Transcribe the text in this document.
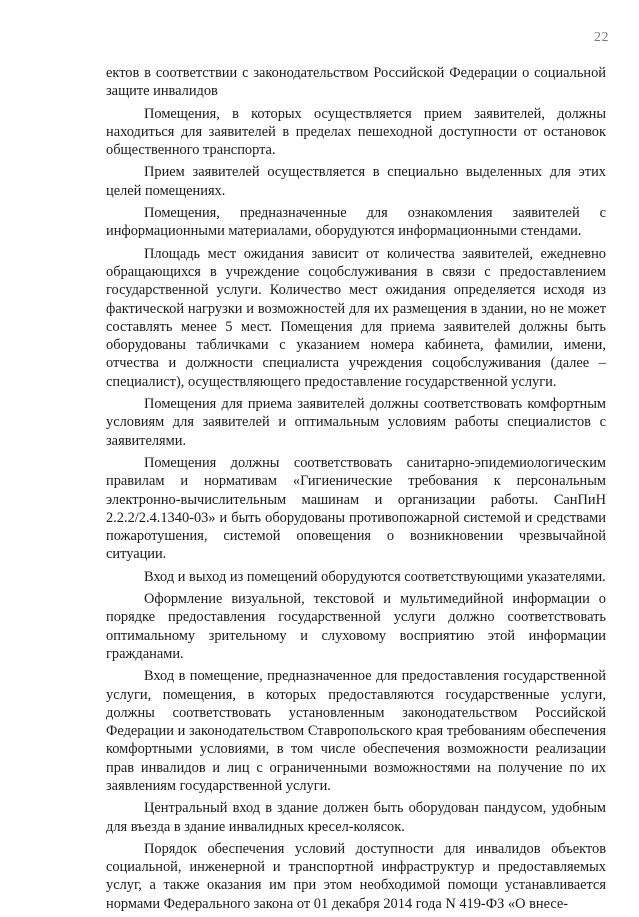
22

ектов в соответствии с законодательством Российской Федерации о социальной защите инвалидов

Помещения, в которых осуществляется прием заявителей, должны находиться для заявителей в пределах пешеходной доступности от остановок общественного транспорта.

Прием заявителей осуществляется в специально выделенных для этих целей помещениях.

Помещения, предназначенные для ознакомления заявителей с информационными материалами, оборудуются информационными стендами.

Площадь мест ожидания зависит от количества заявителей, ежедневно обращающихся в учреждение соцобслуживания в связи с предоставлением государственной услуги. Количество мест ожидания определяется исходя из фактической нагрузки и возможностей для их размещения в здании, но не может составлять менее 5 мест. Помещения для приема заявителей должны быть оборудованы табличками с указанием номера кабинета, фамилии, имени, отчества и должности специалиста учреждения соцобслуживания (далее – специалист), осуществляющего предоставление государственной услуги.

Помещения для приема заявителей должны соответствовать комфортным условиям для заявителей и оптимальным условиям работы специалистов с заявителями.

Помещения должны соответствовать санитарно-эпидемиологическим правилам и нормативам «Гигиенические требования к персональным электронно-вычислительным машинам и организации работы. СанПиН 2.2.2/2.4.1340-03» и быть оборудованы противопожарной системой и средствами пожаротушения, системой оповещения о возникновении чрезвычайной ситуации.

Вход и выход из помещений оборудуются соответствующими указателями.

Оформление визуальной, текстовой и мультимедийной информации о порядке предоставления государственной услуги должно соответствовать оптимальному зрительному и слуховому восприятию этой информации гражданами.

Вход в помещение, предназначенное для предоставления государственной услуги, помещения, в которых предоставляются государственные услуги, должны соответствовать установленным законодательством Российской Федерации и законодательством Ставропольского края требованиям обеспечения комфортными условиями, в том числе обеспечения возможности реализации прав инвалидов и лиц с ограниченными возможностями на получение по их заявлениям государственной услуги.

Центральный вход в здание должен быть оборудован пандусом, удобным для въезда в здание инвалидных кресел-колясок.

Порядок обеспечения условий доступности для инвалидов объектов социальной, инженерной и транспортной инфраструктур и предоставляемых услуг, а также оказания им при этом необходимой помощи устанавливается нормами Федерального закона от 01 декабря 2014 года N 419-ФЗ «О внесе-
